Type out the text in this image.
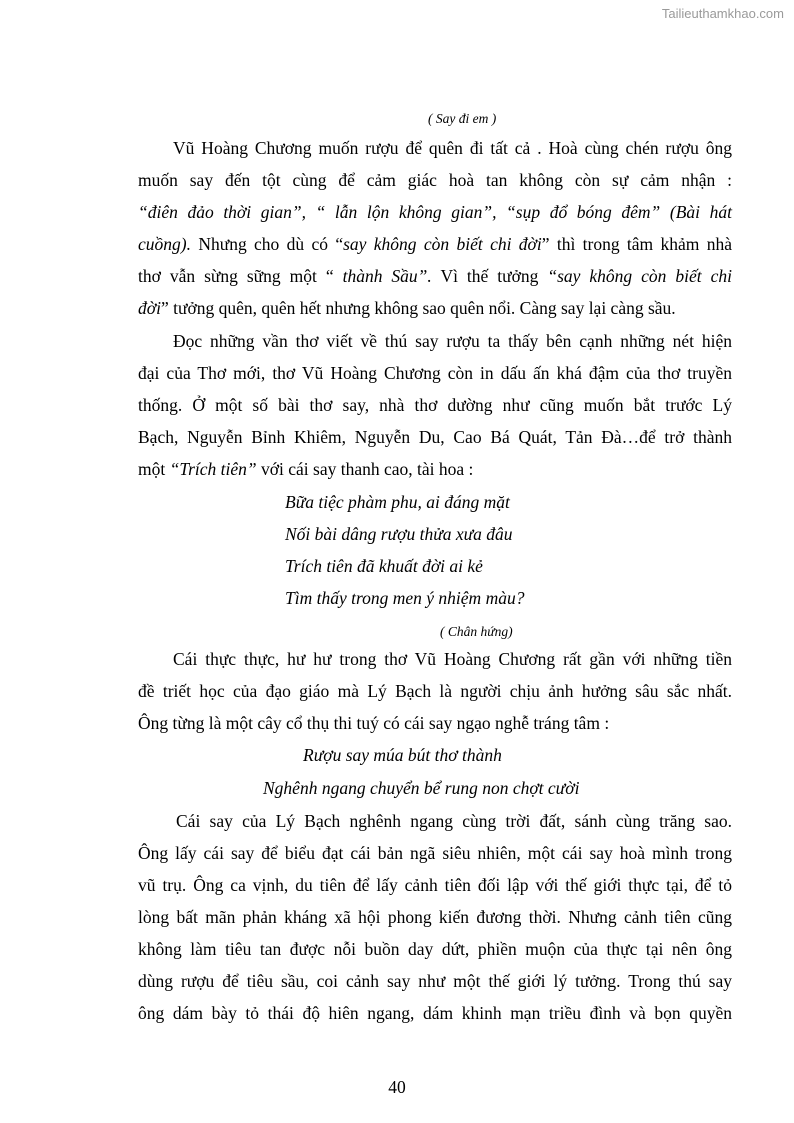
Tailieuthamkhao.com
( Say đi em )
Vũ Hoàng Chương muốn rượu để quên đi tất cả . Hoà cùng chén rượu ông
muốn say đến tột cùng để cảm giác hoà tan không còn sự cảm nhận :
“điên đảo thời gian”, “ lẫn lộn không gian”, “sụp đổ bóng đêm” (Bài hát
cuồng). Nhưng cho dù có “say không còn biết chi đời” thì trong tâm khảm nhà
thơ vẫn sừng sững một “ thành Sầu”. Vì thế tưởng “say không còn biết chi
đời” tưởng quên, quên hết nhưng không sao quên nổi. Càng say lại càng sầu.
Đọc những vần thơ viết về thú say rượu ta thấy bên cạnh những nét hiện
đại của Thơ mới, thơ Vũ Hoàng Chương còn in dấu ấn khá đậm của thơ truyền
thống. Ở một số bài thơ say, nhà thơ dường như cũng muốn bắt trước Lý
Bạch, Nguyễn Bỉnh Khiêm, Nguyễn Du, Cao Bá Quát, Tản Đà…để trở thành
một “Trích tiên” với cái say thanh cao, tài hoa :
Bữa tiệc phàm phu, ai đáng mặt
Nối bài dâng rượu thửa xưa đâu
Trích tiên đã khuất đời ai kẻ
Tìm thấy trong men ý nhiệm màu?
( Chân hứng)
Cái thực thực, hư hư trong thơ Vũ Hoàng Chương rất gần với những tiền
đề triết học của đạo giáo mà Lý Bạch là người chịu ảnh hưởng sâu sắc nhất.
Ông từng là một cây cổ thụ thi tuý có cái say ngạo nghễ tráng tâm :
Rượu say múa bút thơ thành
Nghênh ngang chuyển bể rung non chợt cười
Cái say của Lý Bạch nghênh ngang cùng trời đất, sánh cùng trăng sao.
Ông lấy cái say để biểu đạt cái bản ngã siêu nhiên, một cái say hoà mình trong
vũ trụ. Ông ca vịnh, du tiên để lấy cảnh tiên đối lập với thế giới thực tại, để tỏ
lòng bất mãn phản kháng xã hội phong kiến đương thời. Nhưng cảnh tiên cũng
không làm tiêu tan được nỗi buồn day dứt, phiền muộn của thực tại nên ông
dùng rượu để tiêu sầu, coi cảnh say như một thế giới lý tưởng. Trong thú say
ông dám bày tỏ thái độ hiên ngang, dám khinh mạn triều đình và bọn quyền
40
